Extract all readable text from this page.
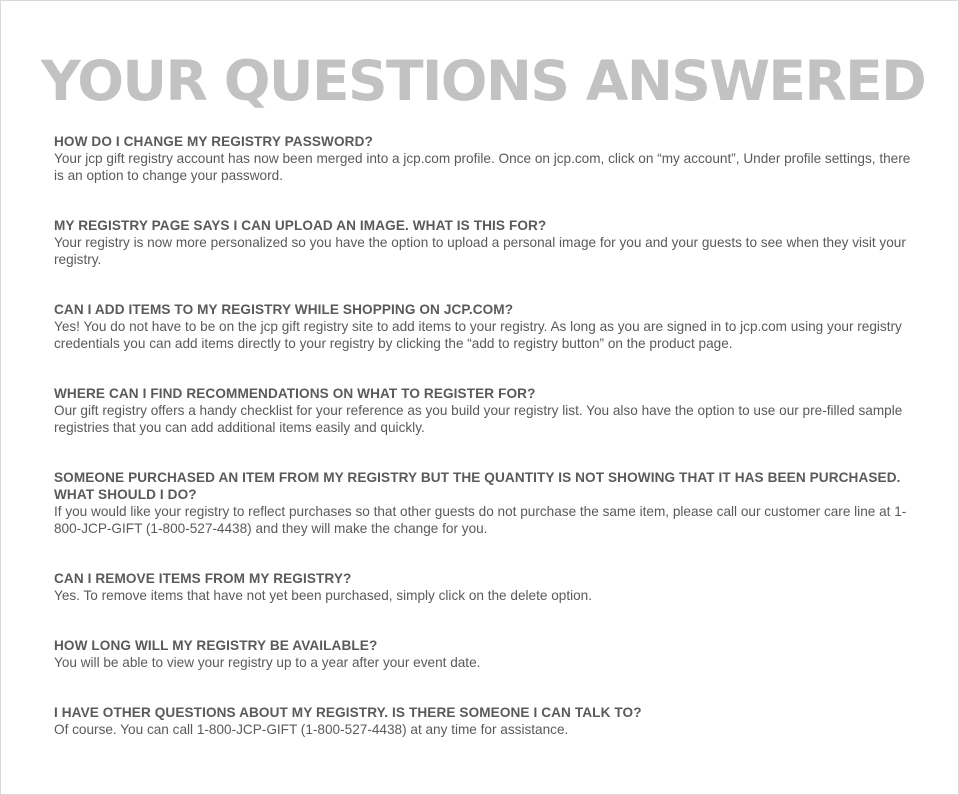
YOUR QUESTIONS ANSWERED
HOW DO I CHANGE MY REGISTRY PASSWORD?
Your jcp gift registry account has now been merged into a jcp.com profile. Once on jcp.com, click on “my account”, Under profile settings, there is an option to change your password.
MY REGISTRY PAGE SAYS I CAN UPLOAD AN IMAGE. WHAT IS THIS FOR?
Your registry is now more personalized so you have the option to upload a personal image for you and your guests to see when they visit your registry.
CAN I ADD ITEMS TO MY REGISTRY WHILE SHOPPING ON JCP.COM?
Yes! You do not have to be on the jcp gift registry site to add items to your registry. As long as you are signed in to jcp.com using your registry credentials you can add items directly to your registry by clicking the “add to registry button” on the product page.
WHERE CAN I FIND RECOMMENDATIONS ON WHAT TO REGISTER FOR?
Our gift registry offers a handy checklist for your reference as you build your registry list. You also have the option to use our pre-filled sample registries that you can add additional items easily and quickly.
SOMEONE PURCHASED AN ITEM FROM MY REGISTRY BUT THE QUANTITY IS NOT SHOWING THAT IT HAS BEEN PURCHASED. WHAT SHOULD I DO?
If you would like your registry to reflect purchases so that other guests do not purchase the same item, please call our customer care line at 1-800-JCP-GIFT (1-800-527-4438) and they will make the change for you.
CAN I REMOVE ITEMS FROM MY REGISTRY?
Yes. To remove items that have not yet been purchased, simply click on the delete option.
HOW LONG WILL MY REGISTRY BE AVAILABLE?
You will be able to view your registry up to a year after your event date.
I HAVE OTHER QUESTIONS ABOUT MY REGISTRY. IS THERE SOMEONE I CAN TALK TO?
Of course. You can call 1-800-JCP-GIFT (1-800-527-4438) at any time for assistance.
